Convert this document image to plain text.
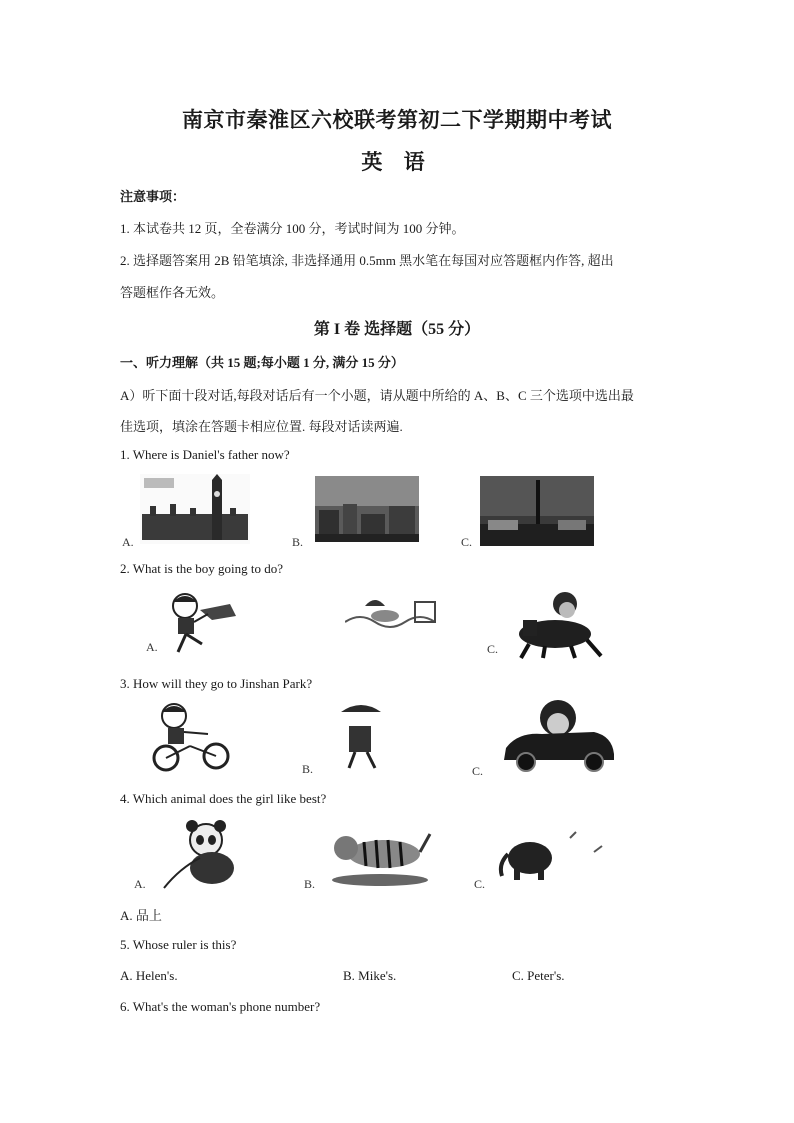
南京市秦淮区六校联考第初二下学期期中考试
英 语
注意事项：
1. 本试卷共 12 页，全卷满分 100 分，考试时间为 100 分钟。
2. 选择题答案用 2B 铅笔填涂, 非选择通用 0.5mm 黑水笔在每国对应答题框内作答, 超出
答题框作各无效。
第 I 卷 选择题（55 分）
一、听力理解（共 15 题;每小题 1 分, 满分 15 分）
A）听下面十段对话,每段对话后有一个小题，请从题中所给的 A、B、C 三个选项中选出最
佳选项，填涂在答题卡相应位置. 每段对话读两遍.
1. Where is Daniel's father now?
A.	B.	C.
2. What is the boy going to do?
A.	C.
3. How will they go to Jinshan Park?
B.	C.
4. Which animal does the girl like best?
A.	B.	C.
A. 品上
5. Whose ruler is this?
A. Helen's.	B. Mike's.	C. Peter's.
6. What's the woman's phone number?
